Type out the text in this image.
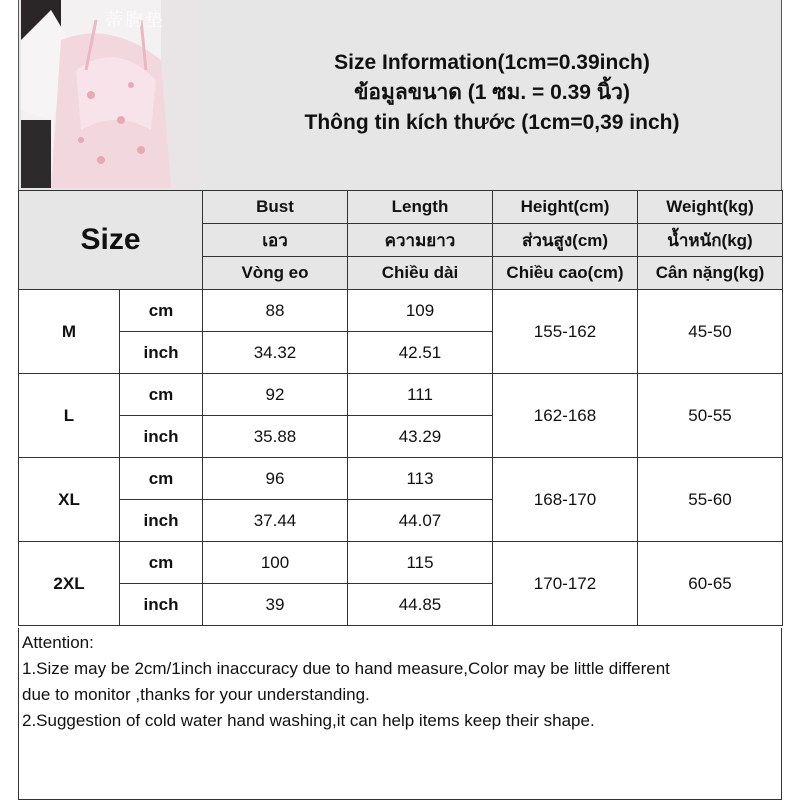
蒂朐垫
Size Information(1cm=0.39inch)
ข้อมูลขนาด (1 ซม. = 0.39 นิ้ว)
Thông tin kích thước (1cm=0,39 inch)
Size		Bust	Length	Height(cm)	Weight(kg)
		เอว	ความยาว	ส่วนสูง(cm)	น้ำหนัก(kg)
		Vòng eo	Chiều dài	Chiều cao(cm)	Cân nặng(kg)
M	cm	88	109	155-162	45-50
	inch	34.32	42.51		
L	cm	92	111	162-168	50-55
	inch	35.88	43.29		
XL	cm	96	113	168-170	55-60
	inch	37.44	44.07		
2XL	cm	100	115	170-172	60-65
	inch	39	44.85		

Attention:

1.Size may be 2cm/1inch inaccuracy due to hand measure,Color may be little different

due to monitor ,thanks for your understanding.

2.Suggestion of cold water hand washing,it can help items keep their shape.
